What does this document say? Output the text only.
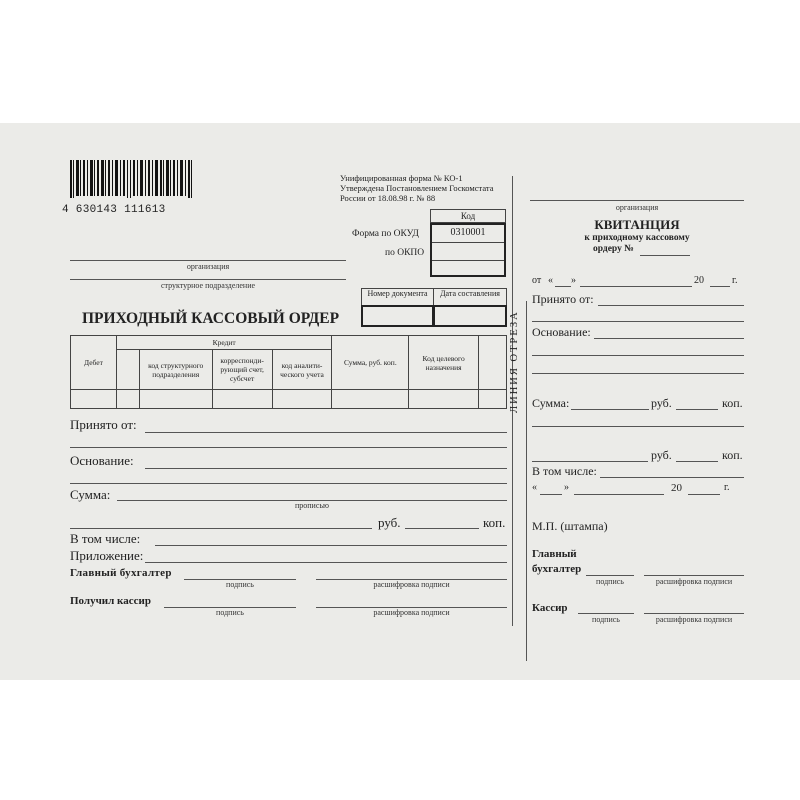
4 630143 111613
Унифицированная форма № КО-1
Утверждена Постановлением Госкомстата
России от 18.08.98 г. № 88
Код
0310001
Форма по ОКУД
по ОКПО
организация
структурное подразделение
Номер документа	Дата составления
ПРИХОДНЫЙ КАССОВЫЙ ОРДЕР
Дебет	Кредит				Сумма, руб. коп.	Код целевого назначения	
		код структурного подразделения	корреспонди-рующий счет, субсчет	код аналити-ческого учета			

Принято от:
Основание:
Сумма:
прописью
руб.	коп.
В том числе:
Приложение:
Главный бухгалтер
подпись	расшифровка подписи
Получил кассир
подпись	расшифровка подписи
ЛИНИЯ ОТРЕЗА
организация
КВИТАНЦИЯ
к приходному кассовому
ордеру №
от « »	20	г.
Принято от:
Основание:
Сумма:	руб.	коп.
руб.	коп.
В том числе:
«	»	20	г.
М.П. (штампа)
Главный
бухгалтер
подпись	расшифровка подписи
Кассир
подпись	расшифровка подписи
